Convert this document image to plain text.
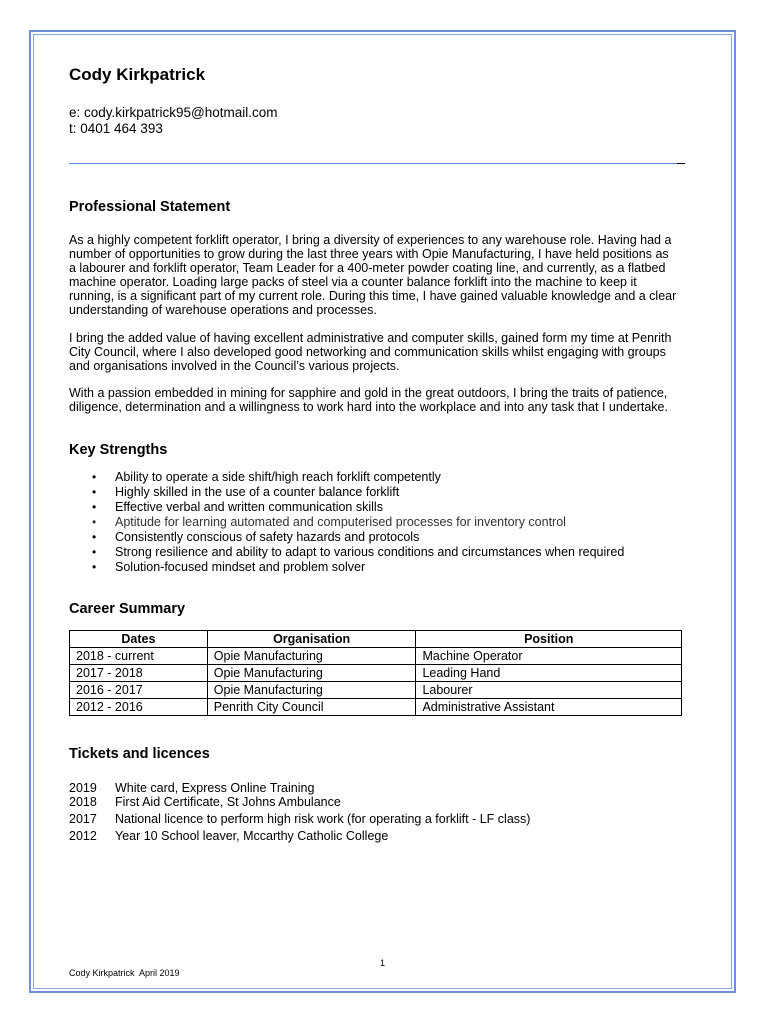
Cody Kirkpatrick
e: cody.kirkpatrick95@hotmail.com
t: 0401 464 393
Professional Statement

As a highly competent forklift operator, I bring a diversity of experiences to any warehouse role. Having had a
number of opportunities to grow during the last three years with Opie Manufacturing, I have held positions as
a labourer and forklift operator, Team Leader for a 400-meter powder coating line, and currently, as a flatbed
machine operator. Loading large packs of steel via a counter balance forklift into the machine to keep it
running, is a significant part of my current role. During this time, I have gained valuable knowledge and a clear
understanding of warehouse operations and processes.

I bring the added value of having excellent administrative and computer skills, gained form my time at Penrith
City Council, where I also developed good networking and communication skills whilst engaging with groups
and organisations involved in the Council’s various projects.

With a passion embedded in mining for sapphire and gold in the great outdoors, I bring the traits of patience,
diligence, determination and a willingness to work hard into the workplace and into any task that I undertake.

Key Strengths
• Ability to operate a side shift/high reach forklift competently
• Highly skilled in the use of a counter balance forklift
• Effective verbal and written communication skills
• Aptitude for learning automated and computerised processes for inventory control
• Consistently conscious of safety hazards and protocols
• Strong resilience and ability to adapt to various conditions and circumstances when required
• Solution-focused mindset and problem solver
Career Summary
Dates	Organisation	Position
2018 - current	Opie Manufacturing	Machine Operator
2017 - 2018	Opie Manufacturing	Leading Hand
2016 - 2017	Opie Manufacturing	Labourer
2012 - 2016	Penrith City Council	Administrative Assistant
Tickets and licences
2019	White card, Express Online Training
2018	First Aid Certificate, St Johns Ambulance
2017	National licence to perform high risk work (for operating a forklift - LF class)
2012	Year 10 School leaver, Mccarthy Catholic College
1
Cody Kirkpatrick  April 2019
